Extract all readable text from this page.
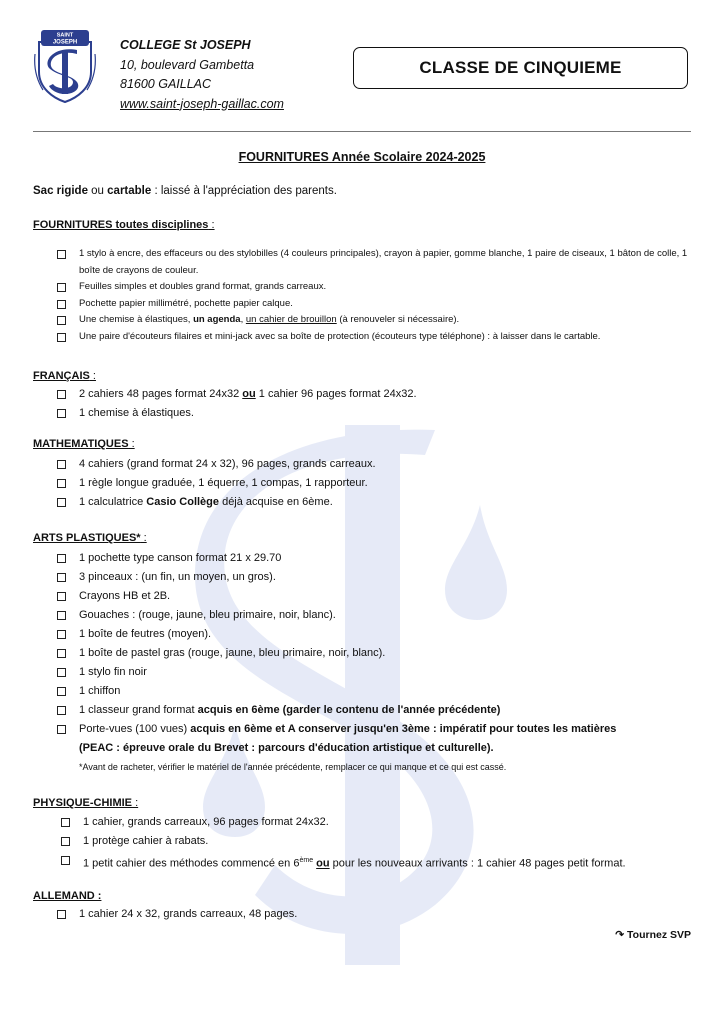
SAINT
JOSEPH	COLLEGE St JOSEPH
10, boulevard Gambetta
81600 GAILLAC
www.saint-joseph-gaillac.com
CLASSE DE CINQUIEME
FOURNITURES Année Scolaire 2024-2025
Sac rigide ou cartable : laissé à l'appréciation des parents.
FOURNITURES toutes disciplines :
1 stylo à encre, des effaceurs ou des stylobilles (4 couleurs principales), crayon à papier, gomme blanche, 1 paire de ciseaux, 1 bâton de colle, 1 boîte de crayons de couleur.
Feuilles simples et doubles grand format, grands carreaux.
Pochette papier millimétré, pochette papier calque.
Une chemise à élastiques, un agenda, un cahier de brouillon (à renouveler si nécessaire).
Une paire d'écouteurs filaires et mini-jack avec sa boîte de protection (écouteurs type téléphone) : à laisser dans le cartable.
FRANÇAIS :
2 cahiers 48 pages format 24x32 ou 1 cahier 96 pages format 24x32.
1 chemise à élastiques.
MATHEMATIQUES :
4 cahiers (grand format 24 x 32), 96 pages, grands carreaux.
1 règle longue graduée, 1 équerre, 1 compas, 1 rapporteur.
1 calculatrice Casio Collège déjà acquise en 6ème.
ARTS PLASTIQUES* :
1 pochette type canson format 21 x 29.70
3 pinceaux : (un fin, un moyen, un gros).
Crayons HB et 2B.
Gouaches : (rouge, jaune, bleu primaire, noir, blanc).
1 boîte de feutres (moyen).
1 boîte de pastel gras (rouge, jaune, bleu primaire, noir, blanc).
1 stylo fin noir
1 chiffon
1 classeur grand format acquis en 6ème (garder le contenu de l'année précédente)
Porte-vues (100 vues) acquis en 6ème et A conserver jusqu'en 3ème : impératif pour toutes les matières
(PEAC : épreuve orale du Brevet : parcours d'éducation artistique et culturelle).
*Avant de racheter, vérifier le matériel de l'année précédente, remplacer ce qui manque et ce qui est cassé.
PHYSIQUE-CHIMIE :
1 cahier, grands carreaux, 96 pages format 24x32.
1 protège cahier à rabats.
1 petit cahier des méthodes commencé en 6ème ou pour les nouveaux arrivants : 1 cahier 48 pages petit format.
ALLEMAND :
1 cahier 24 x 32, grands carreaux, 48 pages.
↷ Tournez SVP
